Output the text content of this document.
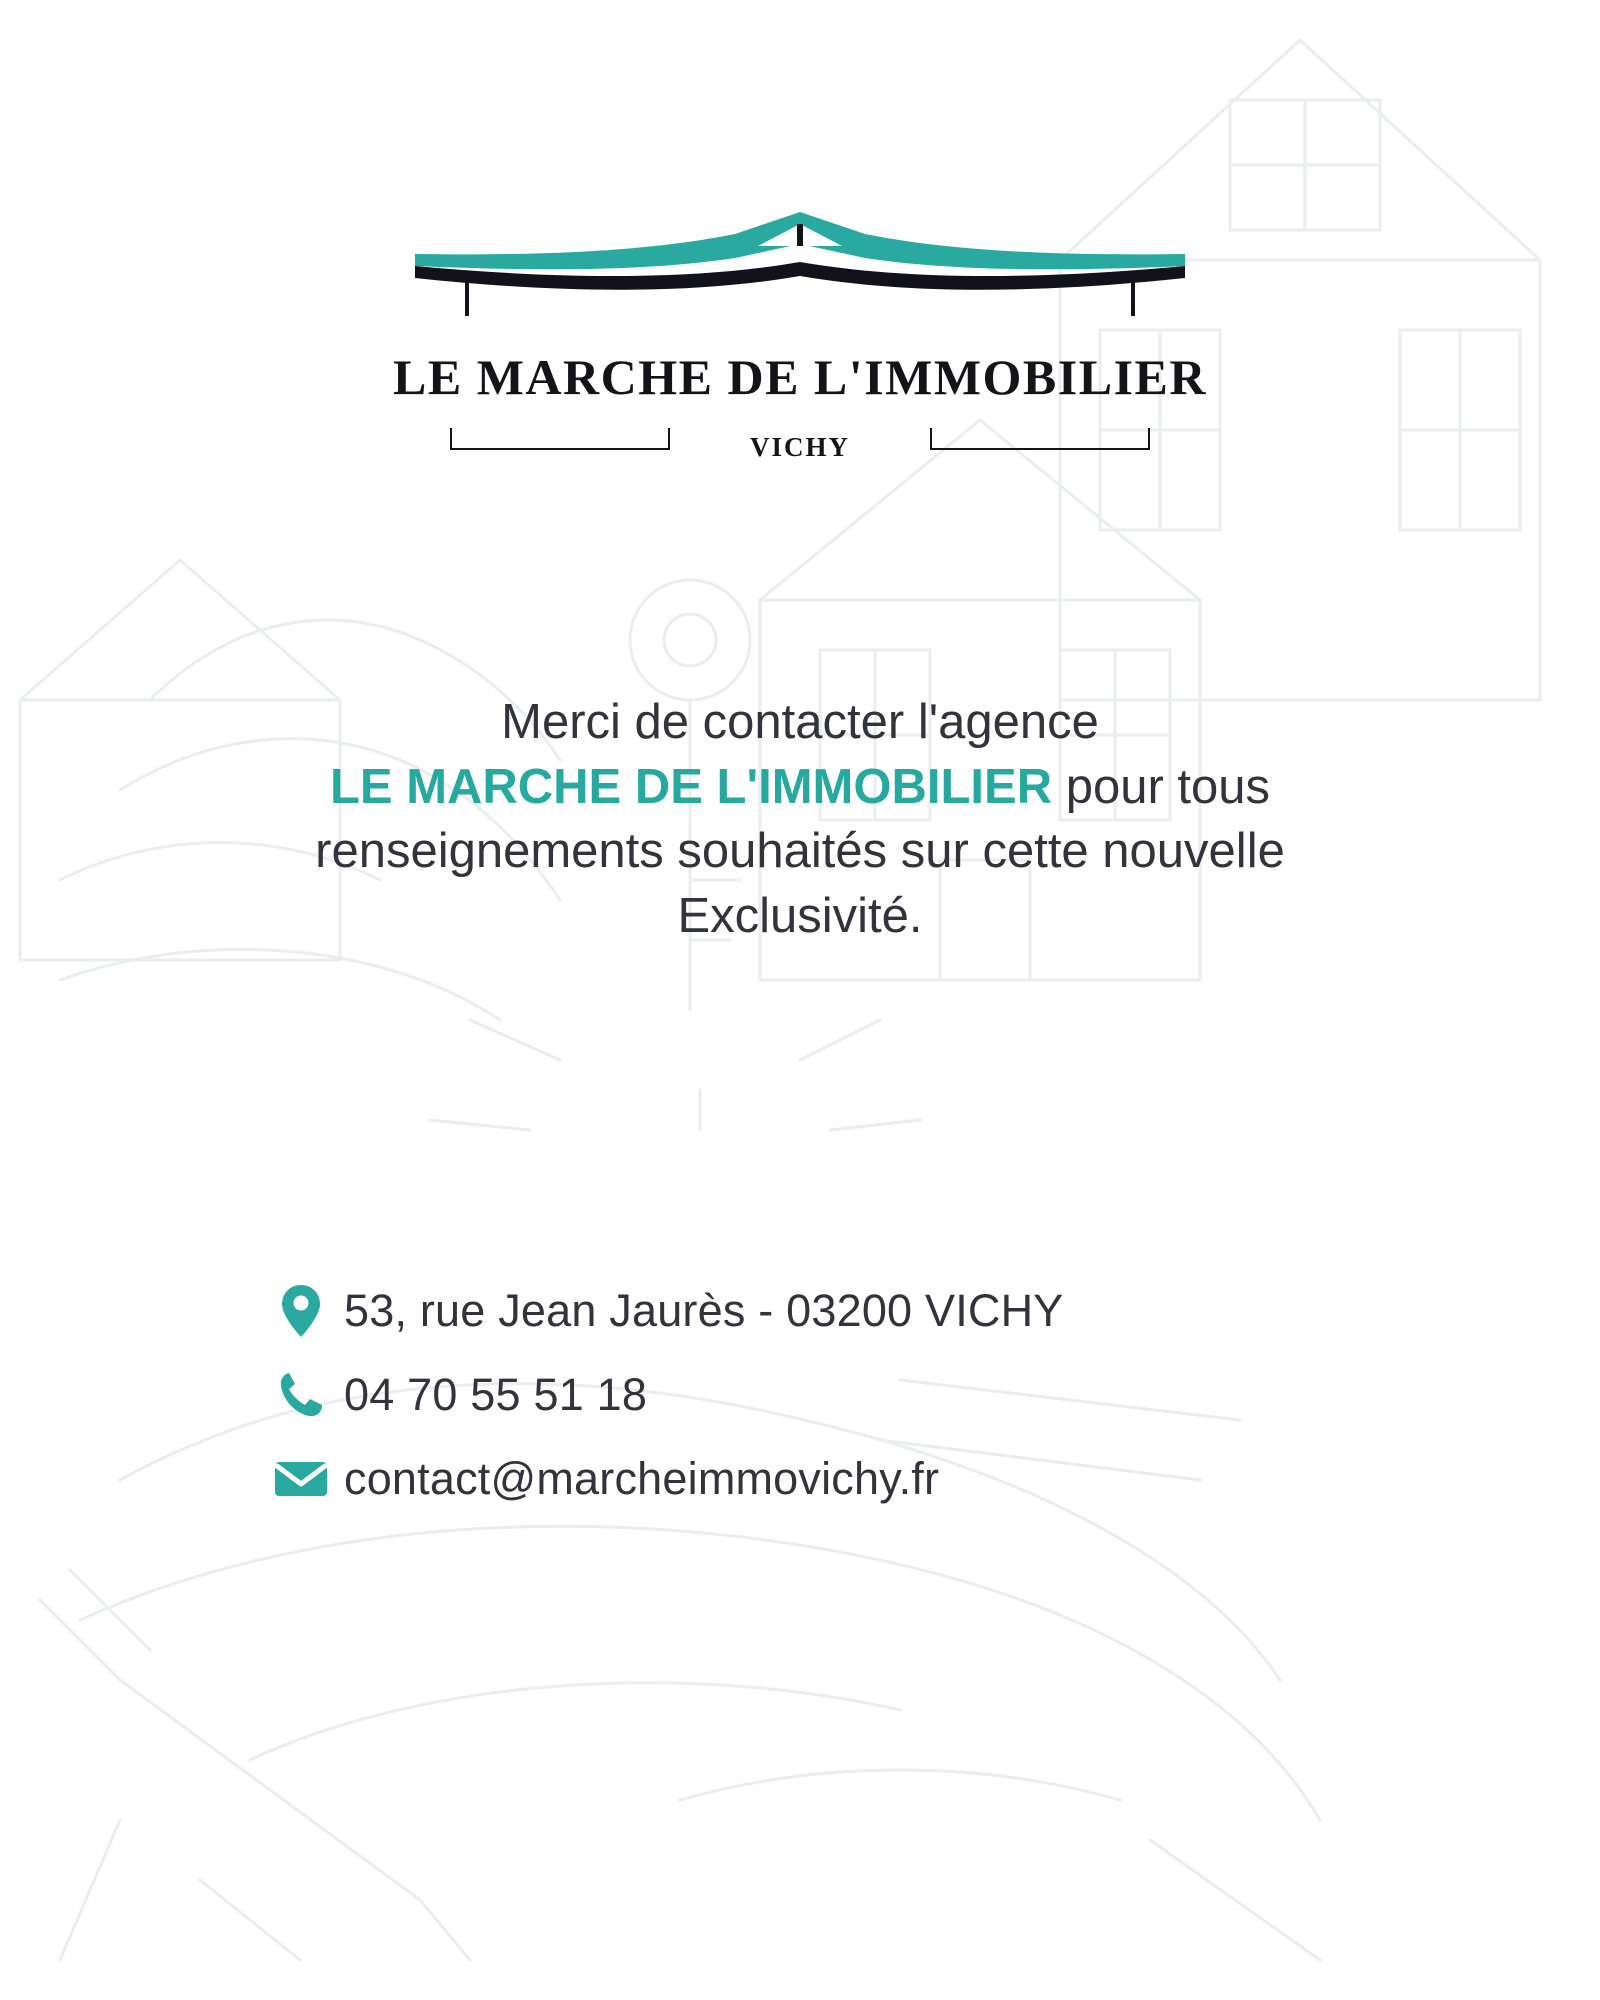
LE MARCHE DE L'IMMOBILIER
VICHY
Merci de contacter l'agence
LE MARCHE DE L'IMMOBILIER pour tous
renseignements souhaités sur cette nouvelle
Exclusivité.
53, rue Jean Jaurès - 03200 VICHY
04 70 55 51 18
contact@marcheimmovichy.fr
